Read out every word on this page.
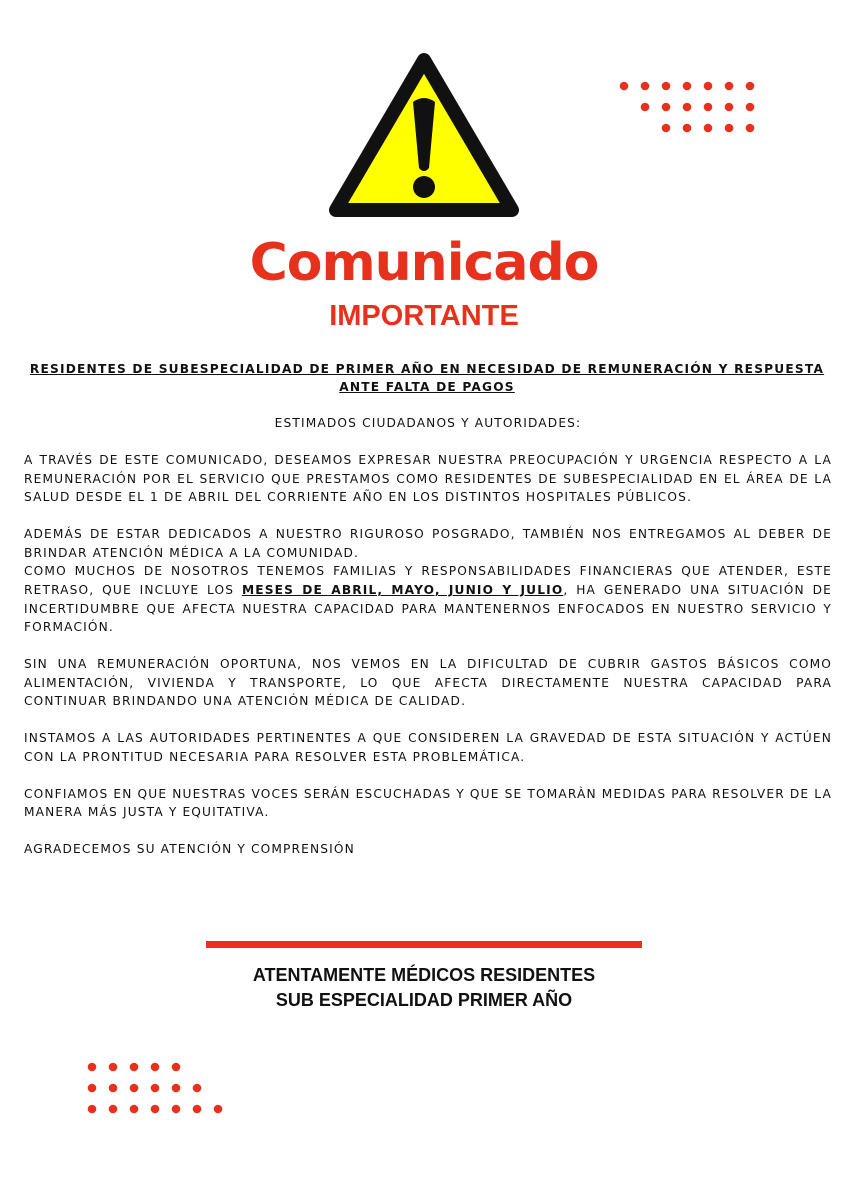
Comunicado
IMPORTANTE
RESIDENTES DE SUBESPECIALIDAD DE PRIMER AÑO EN NECESIDAD DE REMUNERACIÓN Y RESPUESTA ANTE FALTA DE PAGOS

ESTIMADOS CIUDADANOS Y AUTORIDADES:

A TRAVÉS DE ESTE COMUNICADO, DESEAMOS EXPRESAR NUESTRA PREOCUPACIÓN Y URGENCIA RESPECTO A LA REMUNERACIÓN POR EL SERVICIO QUE PRESTAMOS COMO RESIDENTES DE SUBESPECIALIDAD EN EL ÁREA DE LA SALUD DESDE EL 1 DE ABRIL DEL CORRIENTE AÑO EN LOS DISTINTOS HOSPITALES PÚBLICOS.

ADEMÁS DE ESTAR DEDICADOS A NUESTRO RIGUROSO POSGRADO, TAMBIÉN NOS ENTREGAMOS AL DEBER DE BRINDAR ATENCIÓN MÉDICA A LA COMUNIDAD.

COMO MUCHOS DE NOSOTROS TENEMOS FAMILIAS Y RESPONSABILIDADES FINANCIERAS QUE ATENDER, ESTE RETRASO, QUE INCLUYE LOS MESES DE ABRIL, MAYO, JUNIO Y JULIO, HA GENERADO UNA SITUACIÓN DE INCERTIDUMBRE QUE AFECTA NUESTRA CAPACIDAD PARA MANTENERNOS ENFOCADOS EN NUESTRO SERVICIO Y FORMACIÓN.

SIN UNA REMUNERACIÓN OPORTUNA, NOS VEMOS EN LA DIFICULTAD DE CUBRIR GASTOS BÁSICOS COMO ALIMENTACIÓN, VIVIENDA Y TRANSPORTE, LO QUE AFECTA DIRECTAMENTE NUESTRA CAPACIDAD PARA CONTINUAR BRINDANDO UNA ATENCIÓN MÉDICA DE CALIDAD.

INSTAMOS A LAS AUTORIDADES PERTINENTES A QUE CONSIDEREN LA GRAVEDAD DE ESTA SITUACIÓN Y ACTÚEN CON LA PRONTITUD NECESARIA PARA RESOLVER ESTA PROBLEMÁTICA.

CONFIAMOS EN QUE NUESTRAS VOCES SERÁN ESCUCHADAS Y QUE SE TOMARÀN MEDIDAS PARA RESOLVER DE LA MANERA MÁS JUSTA Y EQUITATIVA.

AGRADECEMOS SU ATENCIÓN Y COMPRENSIÓN

ATENTAMENTE MÉDICOS RESIDENTES
SUB ESPECIALIDAD PRIMER AÑO
